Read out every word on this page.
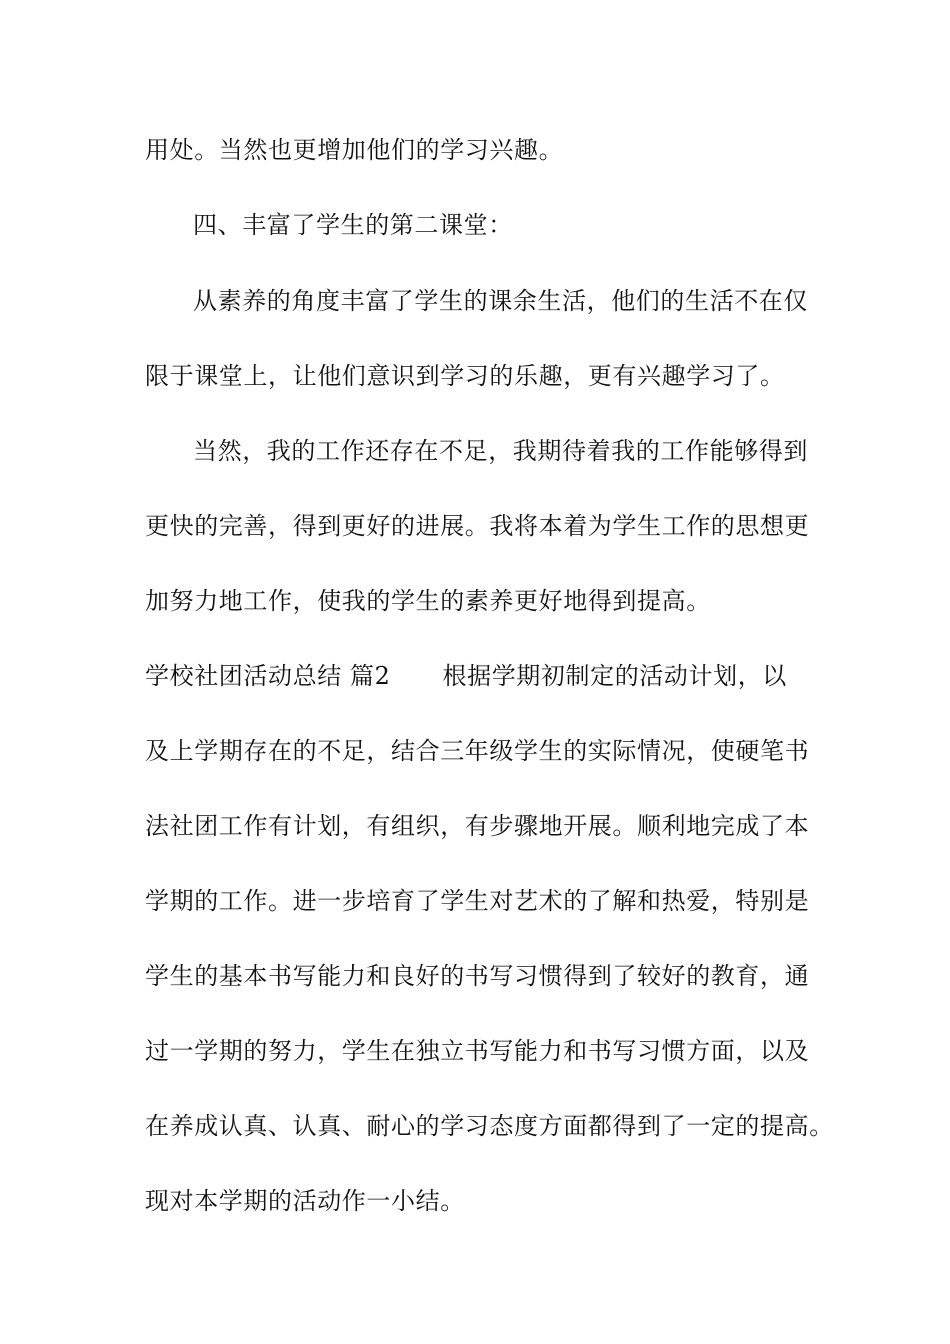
用处。当然也更增加他们的学习兴趣。
四、丰富了学生的第二课堂：
从素养的角度丰富了学生的课余生活，他们的生活不在仅
限于课堂上，让他们意识到学习的乐趣，更有兴趣学习了。
当然，我的工作还存在不足，我期待着我的工作能够得到
更快的完善，得到更好的进展。我将本着为学生工作的思想更
加努力地工作，使我的学生的素养更好地得到提高。
学校社团活动总结 篇2 根据学期初制定的活动计划，以
及上学期存在的不足，结合三年级学生的实际情况，使硬笔书
法社团工作有计划，有组织，有步骤地开展。顺利地完成了本
学期的工作。进一步培育了学生对艺术的了解和热爱，特别是
学生的基本书写能力和良好的书写习惯得到了较好的教育，通
过一学期的努力，学生在独立书写能力和书写习惯方面，以及
在养成认真、认真、耐心的学习态度方面都得到了一定的提高。
现对本学期的活动作一小结。
